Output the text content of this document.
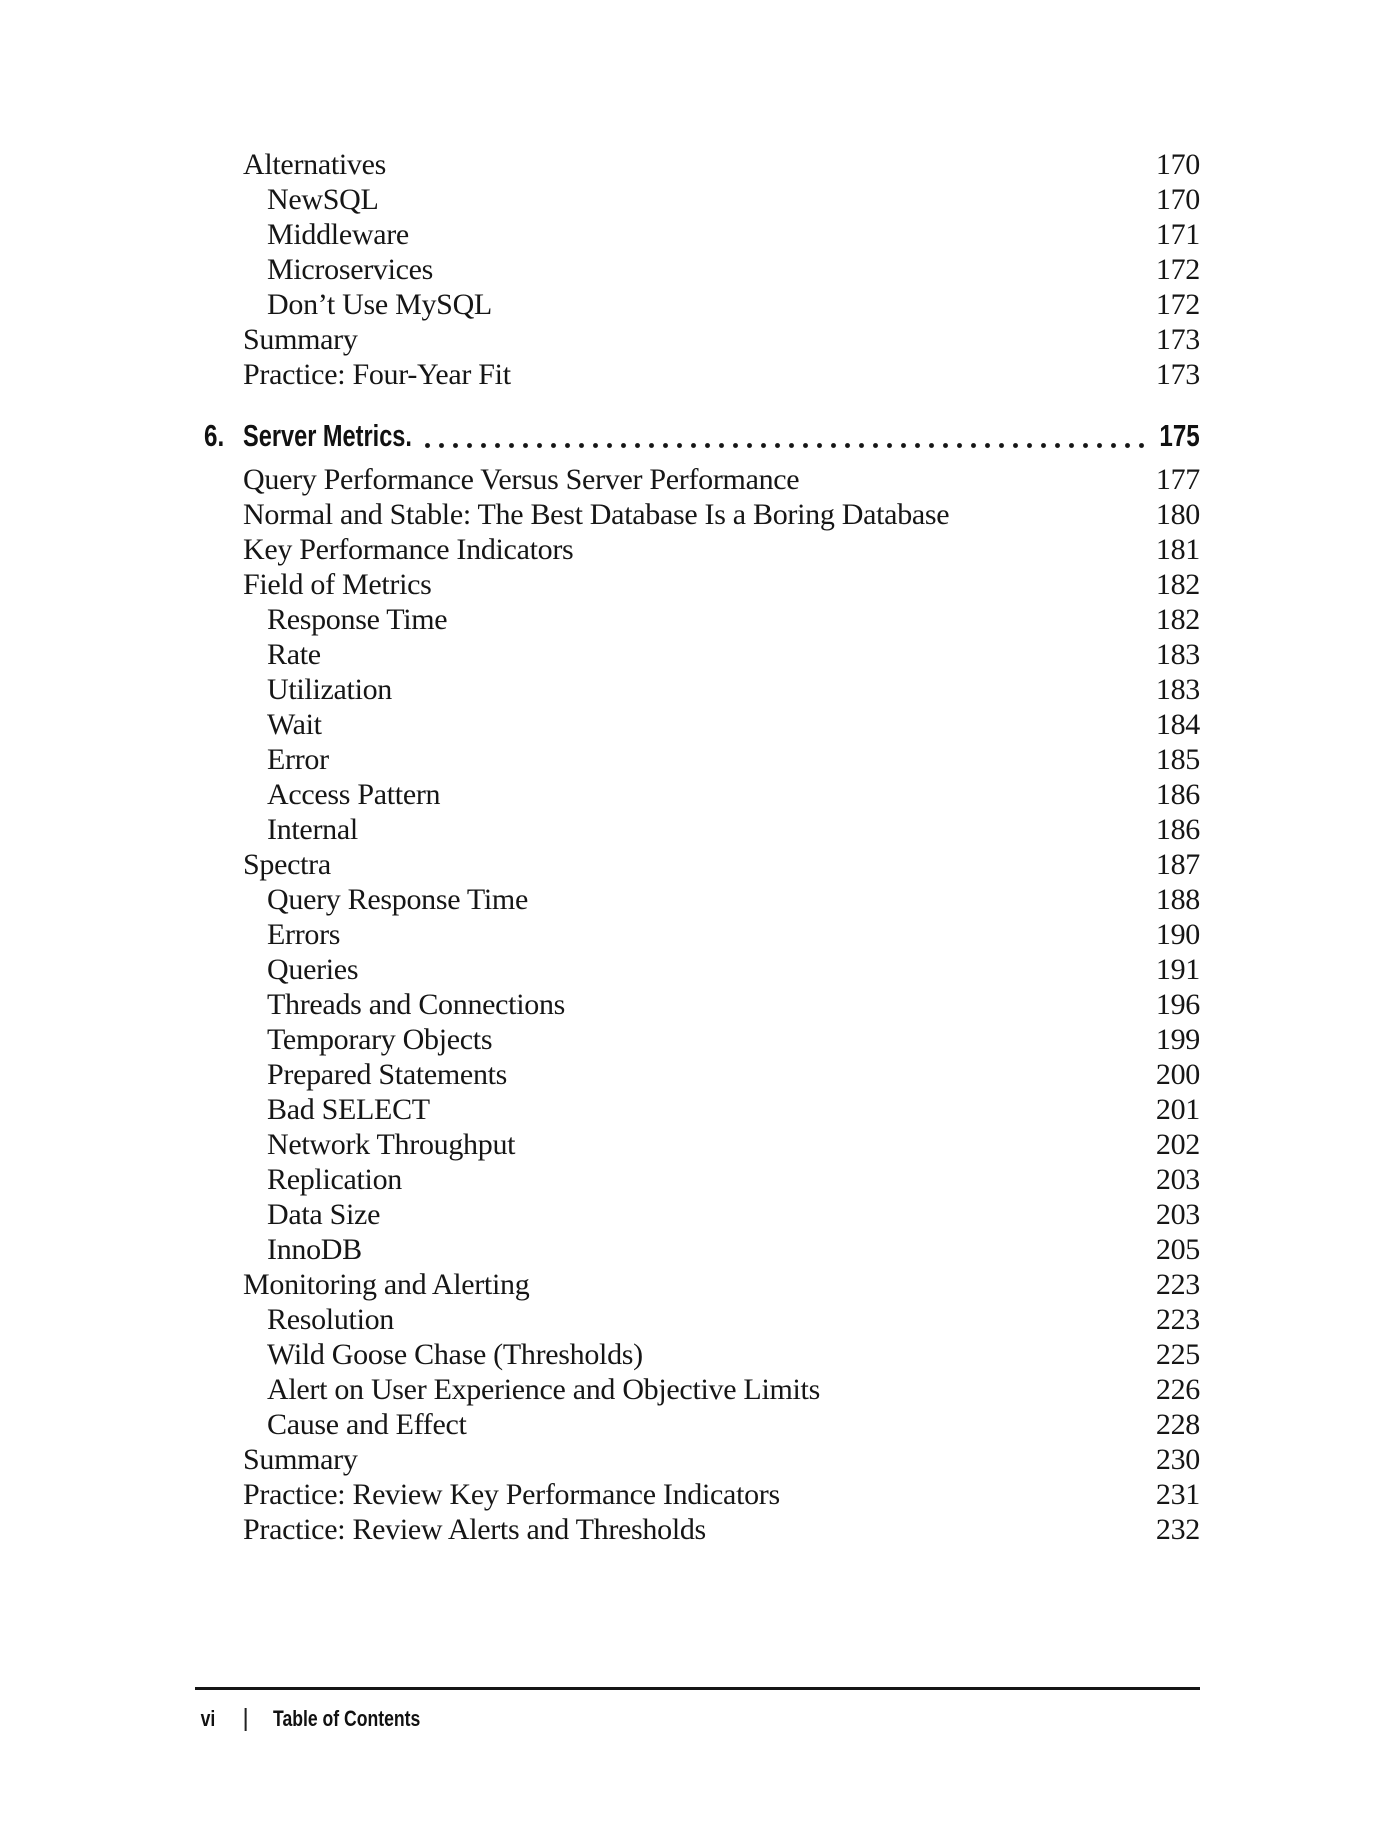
Alternatives	170
NewSQL	170
Middleware	171
Microservices	172
Don’t Use MySQL	172
Summary	173
Practice: Four-Year Fit	173
6. Server Metrics.	175
Query Performance Versus Server Performance	177
Normal and Stable: The Best Database Is a Boring Database	180
Key Performance Indicators	181
Field of Metrics	182
Response Time	182
Rate	183
Utilization	183
Wait	184
Error	185
Access Pattern	186
Internal	186
Spectra	187
Query Response Time	188
Errors	190
Queries	191
Threads and Connections	196
Temporary Objects	199
Prepared Statements	200
Bad SELECT	201
Network Throughput	202
Replication	203
Data Size	203
InnoDB	205
Monitoring and Alerting	223
Resolution	223
Wild Goose Chase (Thresholds)	225
Alert on User Experience and Objective Limits	226
Cause and Effect	228
Summary	230
Practice: Review Key Performance Indicators	231
Practice: Review Alerts and Thresholds	232
vi | Table of Contents
